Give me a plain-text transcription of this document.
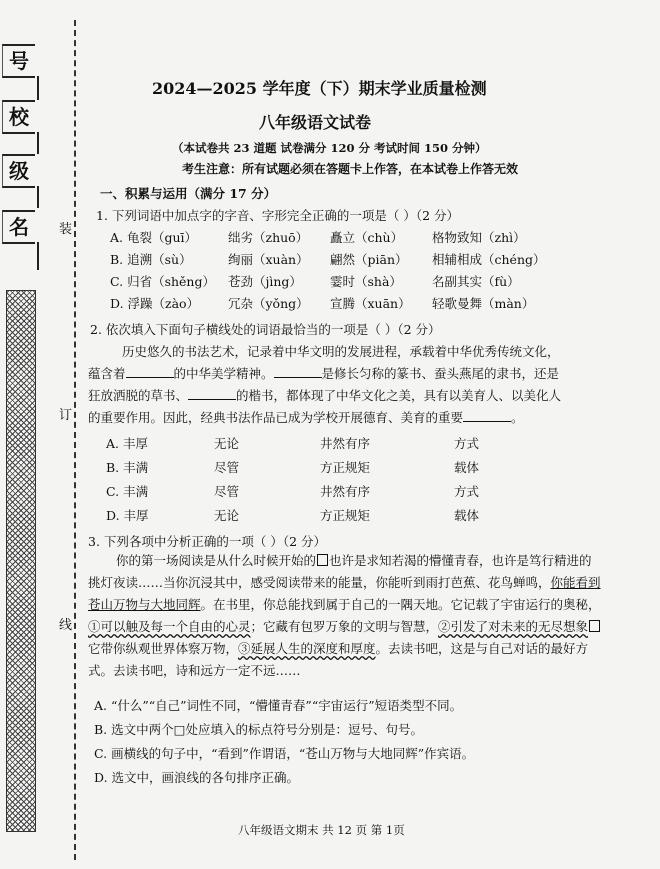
号
校
级
名	装
订
线
2024—2025 学年度（下）期末学业质量检测
八年级语文试卷
（本试卷共 23 道题 试卷满分 120 分 考试时间 150 分钟）
考生注意：所有试题必须在答题卡上作答，在本试卷上作答无效
一、积累与运用（满分 17 分）
1. 下列词语中加点字的字音、字形完全正确的一项是（ ）（2 分）
A. 龟裂（guī） 绌劣（zhuō） 矗立（chù） 格物致知（zhì）
B. 追溯（sù）	绚丽（xuàn） 翩然（piān） 相辅相成（chéng）
C. 归省（shěng） 苍劲（jìng） 霎时（shà） 名副其实（fù）
D. 浮躁（zào） 冗杂（yǒng） 宣腾（xuān） 轻歌曼舞（màn）
2. 依次填入下面句子横线处的词语最恰当的一项是（ ）（2 分）
历史悠久的书法艺术，记录着中华文明的发展进程，承载着中华优秀传统文化，
蕴含着	的中华美学精神。	是修长匀称的篆书、蚕头燕尾的隶书，还是
狂放洒脱的草书、	的楷书，都体现了中华文化之美，具有以美育人、以美化人
的重要作用。因此，经典书法作品已成为学校开展德育、美育的重要	。
A. 丰厚	无论	井然有序	方式
B. 丰满	尽管	方正规矩	载体
C. 丰满	尽管	井然有序	方式
D. 丰厚	无论	方正规矩	载体
3. 下列各项中分析正确的一项（ ）（2 分）
你的第一场阅读是从什么时候开始的 也许是求知若渴的懵懂青春，也许是笃行精进的挑灯夜读……当你沉浸其中，感受阅读带来的能量，你能听到雨打芭蕉、花鸟蝉鸣，你能看到苍山万物与大地同辉。在书里，你总能找到属于自己的一隅天地。它记载了宇宙运行的奥秘，①可以触及每一个自由的心灵；它藏有包罗万象的文明与智慧，②引发了对未来的无尽想象它带你纵观世界体察万物，③延展人生的深度和厚度。去读书吧，这是与自己对话的最好方式。去读书吧，诗和远方一定不远……
A. “什么”“自己”词性不同，“懵懂青春”“宇宙运行”短语类型不同。
B. 选文中两个□处应填入的标点符号分别是：逗号、句号。
C. 画横线的句子中，“看到”作谓语，“苍山万物与大地同辉”作宾语。
D. 选文中，画浪线的各句排序正确。
八年级语文期末 共 12 页 第 1页
